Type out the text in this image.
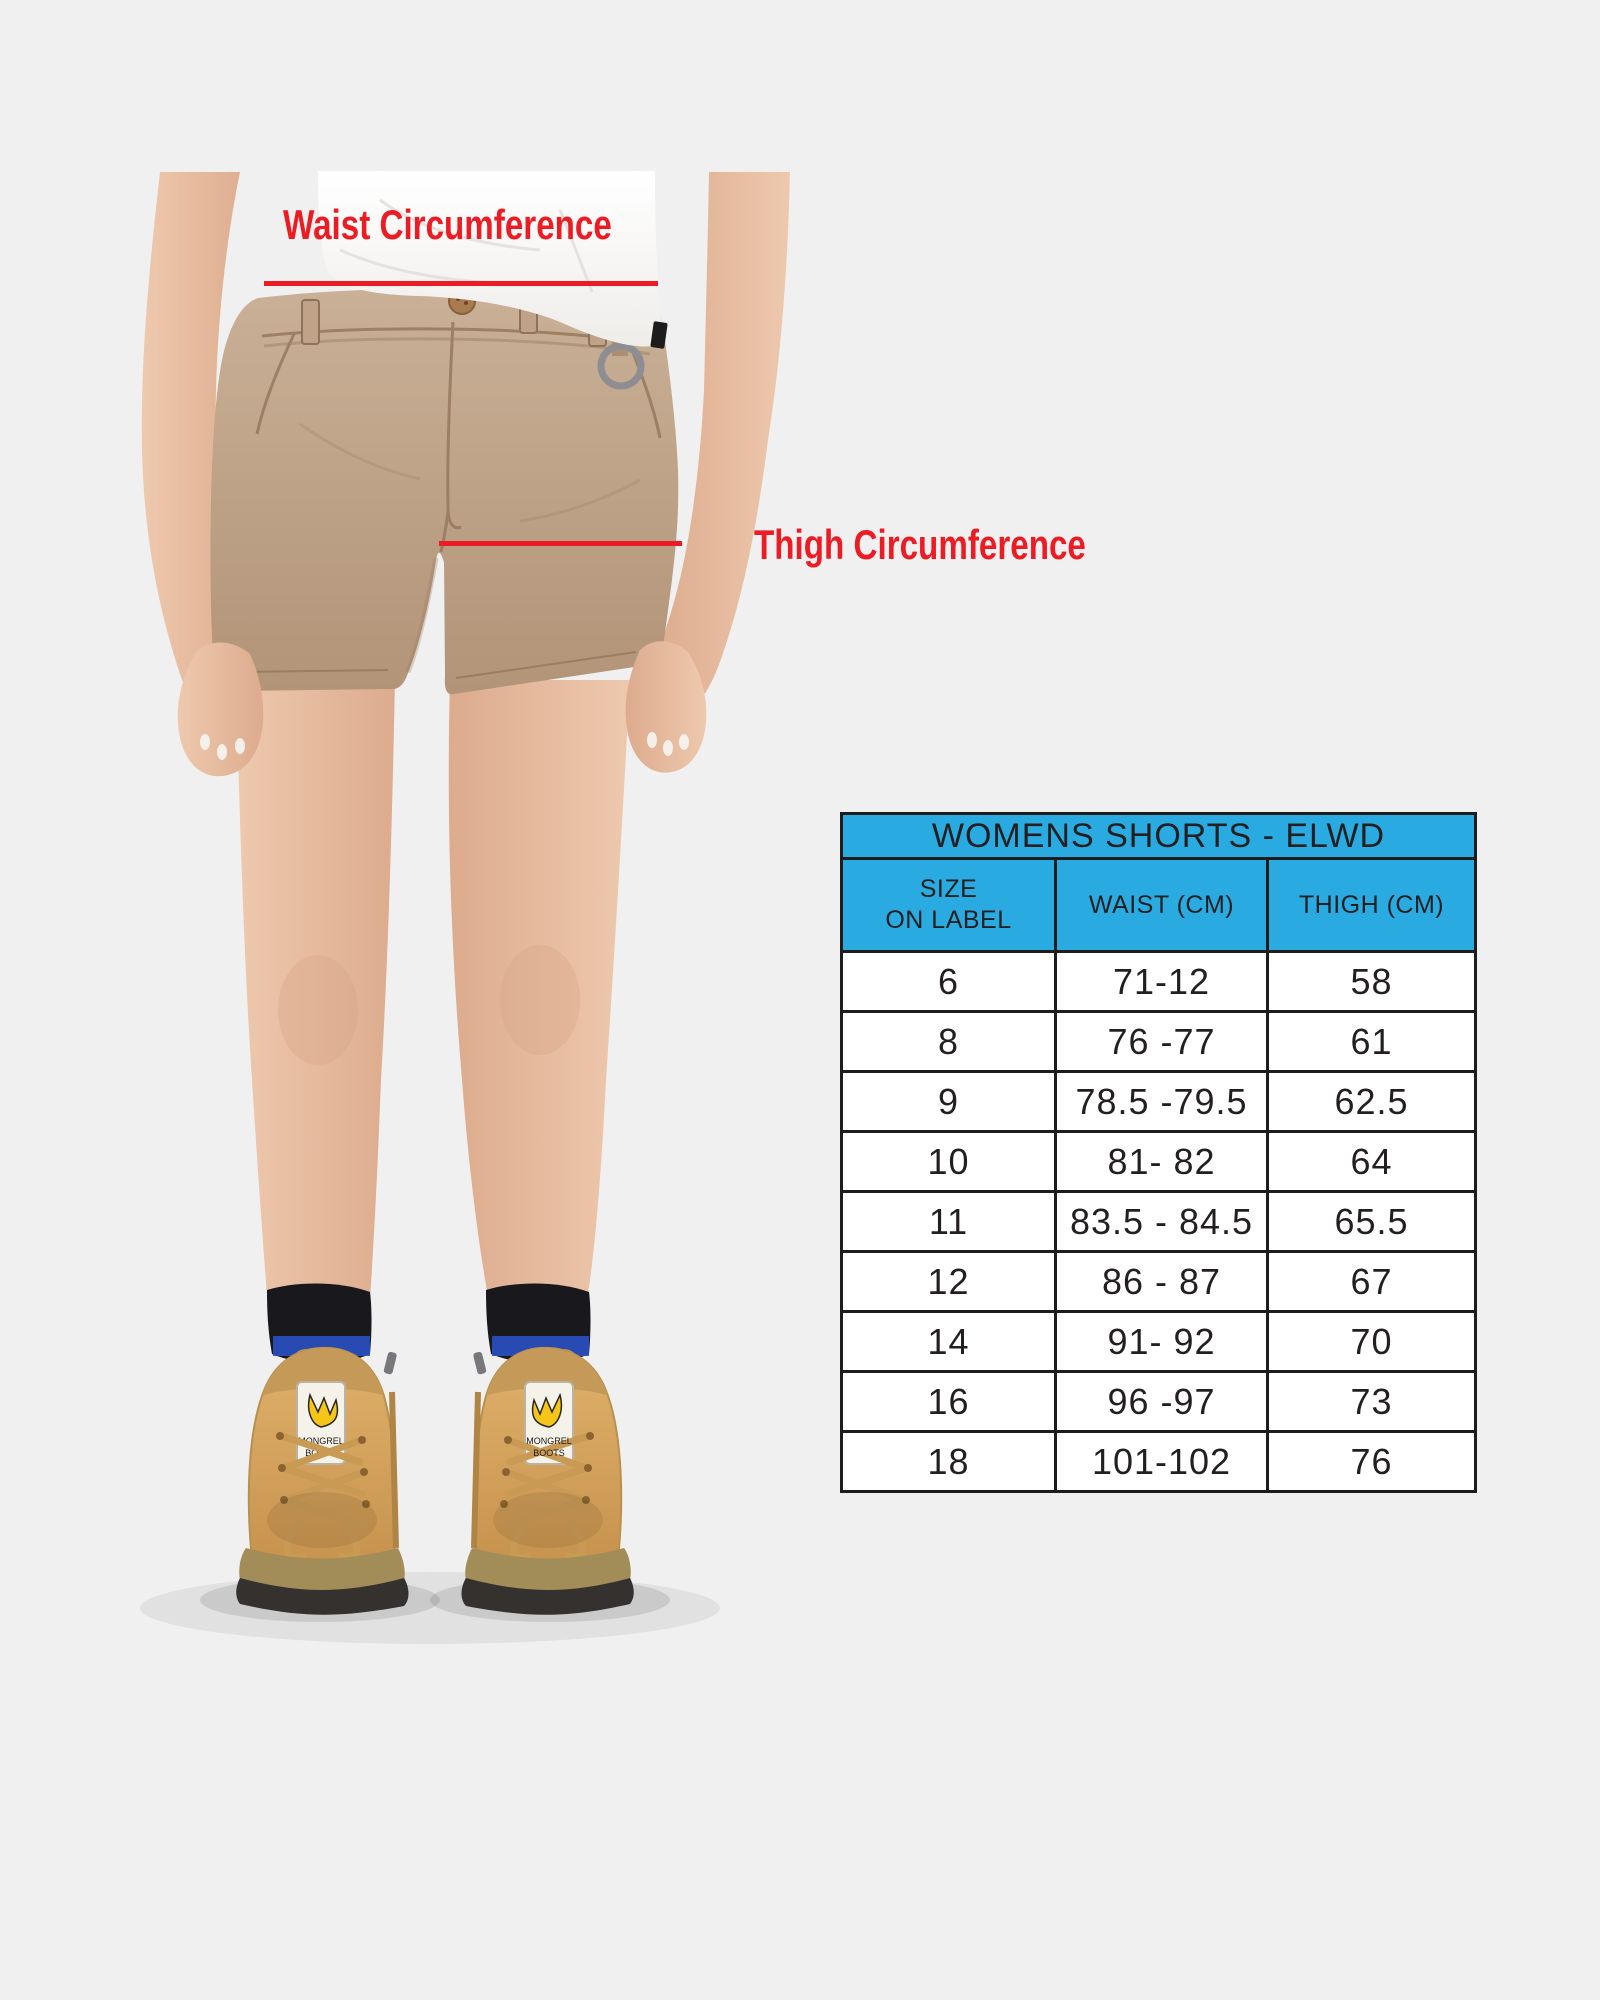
MONGREL
BOOTS
MONGREL
BOOTS
Waist Circumference
Thigh Circumference
WOMENS SHORTS - ELWD		

SIZE
ON LABEL	WAIST (CM)	THIGH (CM)
6	71-12	58
8	76 -77	61
9	78.5 -79.5	62.5
10	81- 82	64
11	83.5 - 84.5	65.5
12	86 - 87	67
14	91- 92	70
16	96 -97	73
18	101-102	76
